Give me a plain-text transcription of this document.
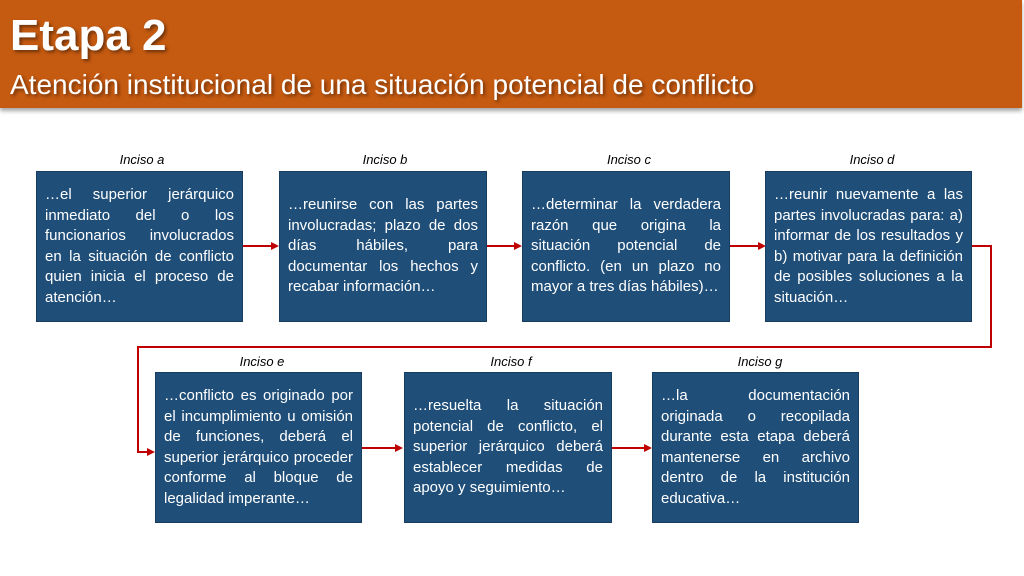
Etapa 2
Atención institucional de una situación potencial de conflicto
Inciso a	Inciso b	Inciso c	Inciso d
…el superior jerárquico inmediato del o los funcionarios involucrados en la situación de conflicto quien inicia el proceso de atención…
…reunirse con las partes involucradas; plazo de dos días hábiles, para documentar los hechos y recabar información…
…determinar la verdadera razón que origina la situación potencial de conflicto. (en un plazo no mayor a tres días hábiles)…
…reunir nuevamente a las partes involucradas para: a) informar de los resultados y b) motivar para la definición de posibles soluciones a la situación…
Inciso e	Inciso f	Inciso g
…conflicto es originado por el incumplimiento u omisión de funciones, deberá el superior jerárquico proceder conforme al bloque de legalidad imperante…
…resuelta la situación potencial de conflicto, el superior jerárquico deberá establecer medidas de apoyo y seguimiento…
…la documentación originada o recopilada durante esta etapa deberá mantenerse en archivo dentro de la institución educativa…
